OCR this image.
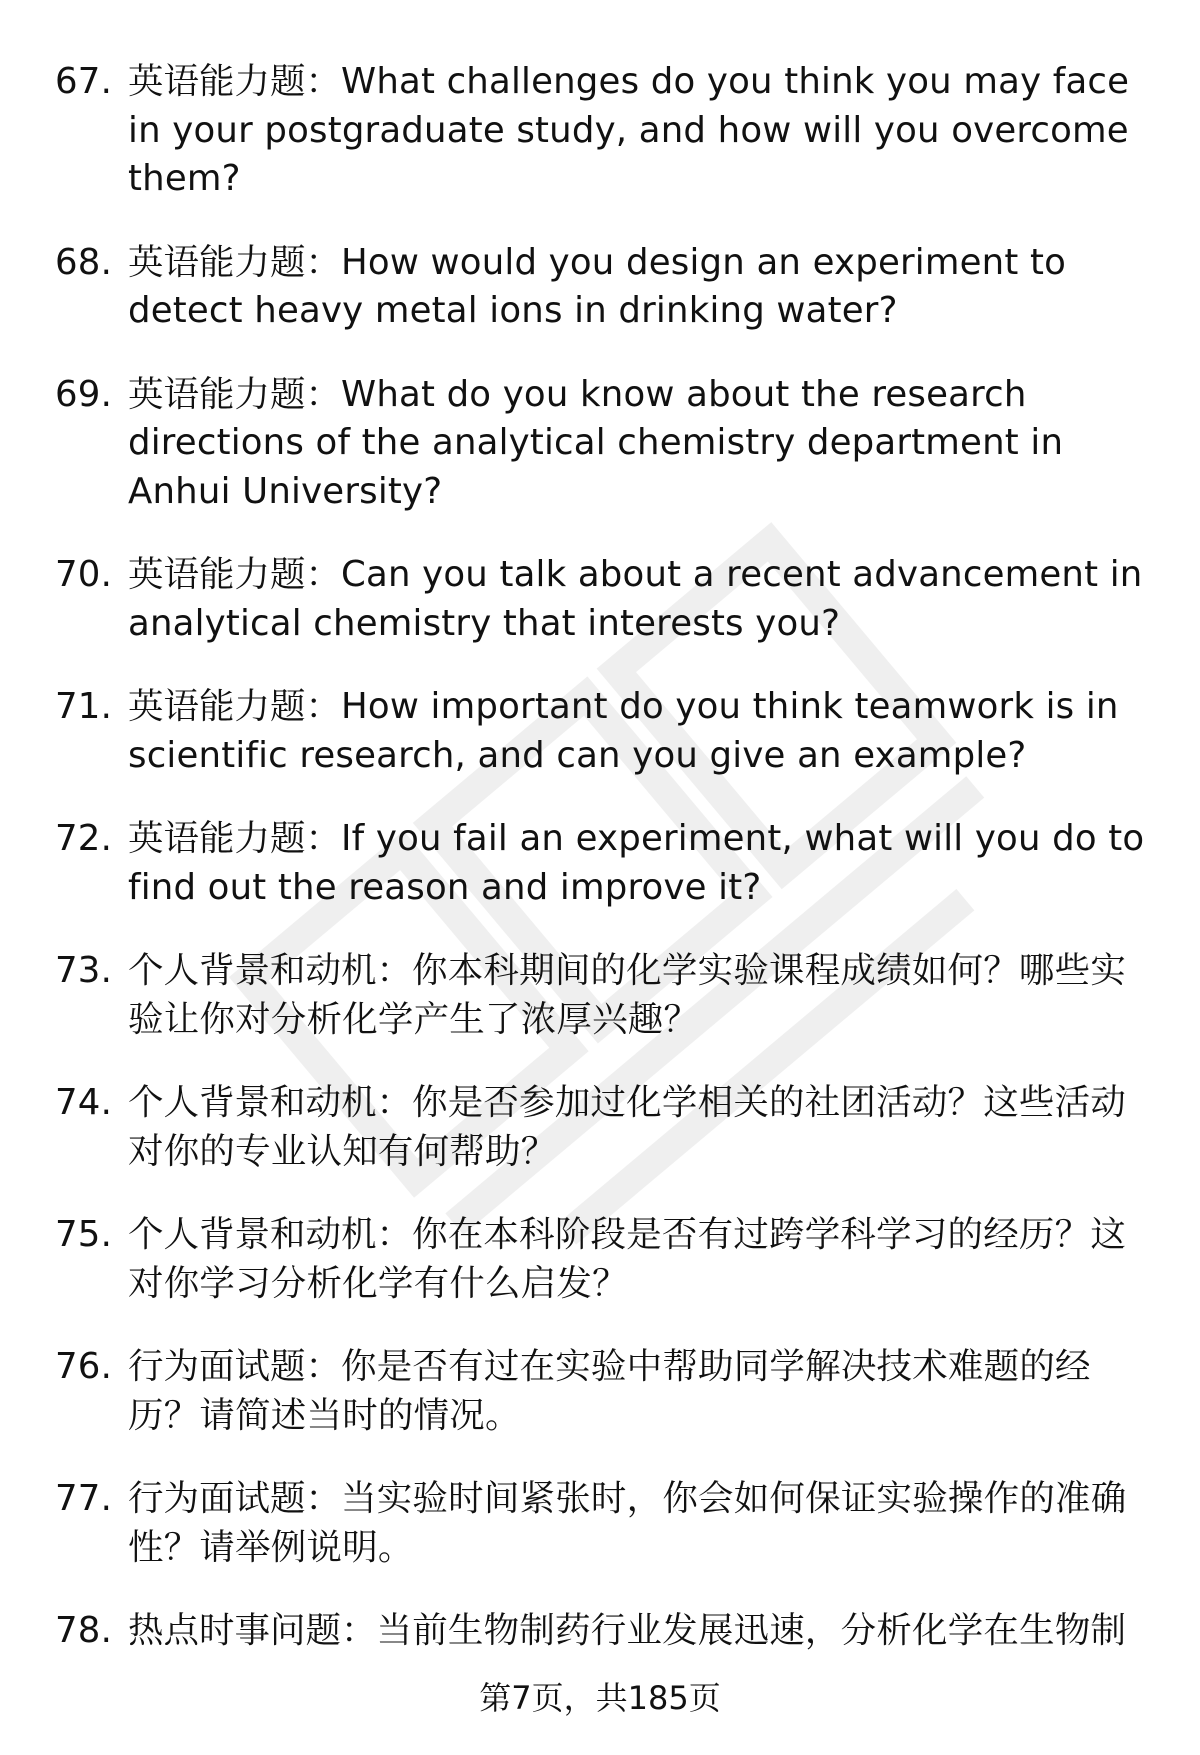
67. 英语能力题：What challenges do you think you may face in your postgraduate study, and how will you overcome them?
68. 英语能力题：How would you design an experiment to detect heavy metal ions in drinking water?
69. 英语能力题：What do you know about the research directions of the analytical chemistry department in Anhui University?
70. 英语能力题：Can you talk about a recent advancement in analytical chemistry that interests you?
71. 英语能力题：How important do you think teamwork is in scientific research, and can you give an example?
72. 英语能力题：If you fail an experiment, what will you do to find out the reason and improve it?
73. 个人背景和动机：你本科期间的化学实验课程成绩如何？哪些实验让你对分析化学产生了浓厚兴趣？
74. 个人背景和动机：你是否参加过化学相关的社团活动？这些活动对你的专业认知有何帮助？
75. 个人背景和动机：你在本科阶段是否有过跨学科学习的经历？这对你学习分析化学有什么启发？
76. 行为面试题：你是否有过在实验中帮助同学解决技术难题的经历？请简述当时的情况。
77. 行为面试题：当实验时间紧张时，你会如何保证实验操作的准确性？请举例说明。
78. 热点时事问题：当前生物制药行业发展迅速，分析化学在生物制
第7页，共185页
